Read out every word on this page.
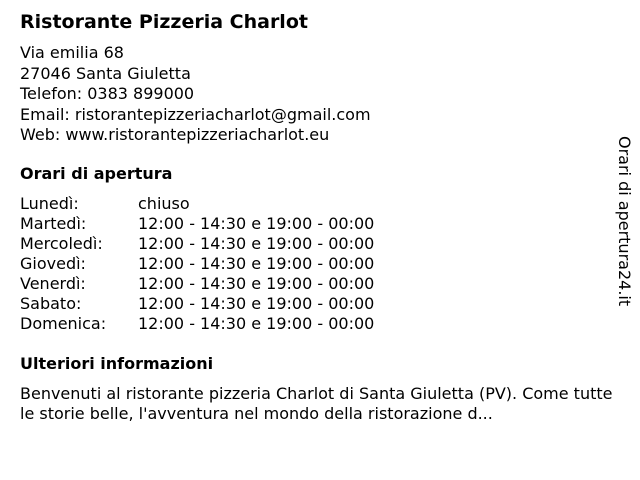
Ristorante Pizzeria Charlot
Via emilia 68
27046 Santa Giuletta
Telefon: 0383 899000
Email: ristorantepizzeriacharlot@gmail.com
Web: www.ristorantepizzeriacharlot.eu
Orari di apertura
Lunedì:	chiuso
Martedì:	12:00 - 14:30 e 19:00 - 00:00
Mercoledì:	12:00 - 14:30 e 19:00 - 00:00
Giovedì:	12:00 - 14:30 e 19:00 - 00:00
Venerdì:	12:00 - 14:30 e 19:00 - 00:00
Sabato:	12:00 - 14:30 e 19:00 - 00:00
Domenica:	12:00 - 14:30 e 19:00 - 00:00
Ulteriori informazioni
Benvenuti al ristorante pizzeria Charlot di Santa Giuletta (PV). Come tutte le storie belle, l'avventura nel mondo della ristorazione d...
Orari di apertura24.it
